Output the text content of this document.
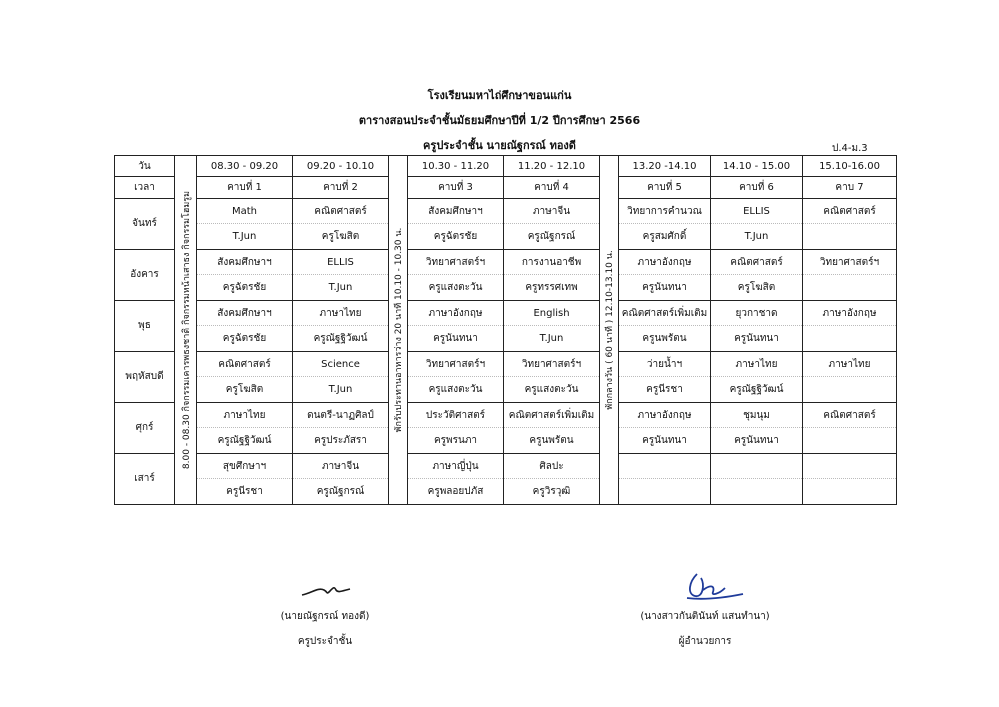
โรงเรียนมหาไถ่ศึกษาขอนแก่น
ตารางสอนประจำชั้นมัธยมศึกษาปีที่ 1/2 ปีการศึกษา 2566
ครูประจำชั้น นายณัฐกรณ์ ทองดี	ป.4-ม.3
วัน	8.00 - 08.30 กิจกรรมเคารพธงชาติ กิจกรรมหน้าเสาธง กิจกรรมโฮมรูม	08.30 - 09.20	09.20 - 10.10	พักรับประทานอาหารว่าง 20 นาที 10.10 - 10.30 น.	10.30 - 11.20	11.20 - 12.10	พักกลางวัน ( 60 นาที ) 12.10-13.10 น.	13.20 -14.10	14.10 - 15.00	15.10-16.00
เวลา		คาบที่ 1	คาบที่ 2		คาบที่ 3	คาบที่ 4		คาบที่ 5	คาบที่ 6	คาบ 7
จันทร์		Math	คณิตศาสตร์		สังคมศึกษาฯ	ภาษาจีน		วิทยาการคำนวณ	ELLIS	คณิตศาสตร์
		T.Jun	ครูโฆสิต		ครูฉัตรชัย	ครูณัฐกรณ์		ครูสมศักดิ์	T.Jun	
อังคาร		สังคมศึกษาฯ	ELLIS		วิทยาศาสตร์ฯ	การงานอาชีพ		ภาษาอังกฤษ	คณิตศาสตร์	วิทยาศาสตร์ฯ
		ครูฉัตรชัย	T.Jun		ครูแสงตะวัน	ครูทรรศเทพ		ครูนันทนา	ครูโฆสิต	
พุธ		สังคมศึกษาฯ	ภาษาไทย		ภาษาอังกฤษ	English		คณิตศาสตร์เพิ่มเติม	ยุวกาชาด	ภาษาอังกฤษ
		ครูฉัตรชัย	ครูณัฐฐิวัฒน์		ครูนันทนา	T.Jun		ครูนพรัตน	ครูนันทนา	
พฤหัสบดี		คณิตศาสตร์	Science		วิทยาศาสตร์ฯ	วิทยาศาสตร์ฯ		ว่ายน้ำฯ	ภาษาไทย	ภาษาไทย
		ครูโฆสิต	T.Jun		ครูแสงตะวัน	ครูแสงตะวัน		ครูนีรชา	ครูณัฐฐิวัฒน์	
ศุกร์		ภาษาไทย	ดนตรี-นาฏศิลป์		ประวัติศาสตร์	คณิตศาสตร์เพิ่มเติม		ภาษาอังกฤษ	ชุมนุม	คณิตศาสตร์
		ครูณัฐฐิวัฒน์	ครูประภัสรา		ครูพรนภา	ครูนพรัตน		ครูนันทนา	ครูนันทนา	
เสาร์		สุขศึกษาฯ	ภาษาจีน		ภาษาญี่ปุ่น	ศิลปะ				
		ครูนีรชา	ครูณัฐกรณ์		ครูพลอยปภัส	ครูวิรวุฒิ				
(นายณัฐกรณ์ ทองดี)
ครูประจำชั้น
(นางสาวกันตินันท์ แสนทำนา)
ผู้อำนวยการ
